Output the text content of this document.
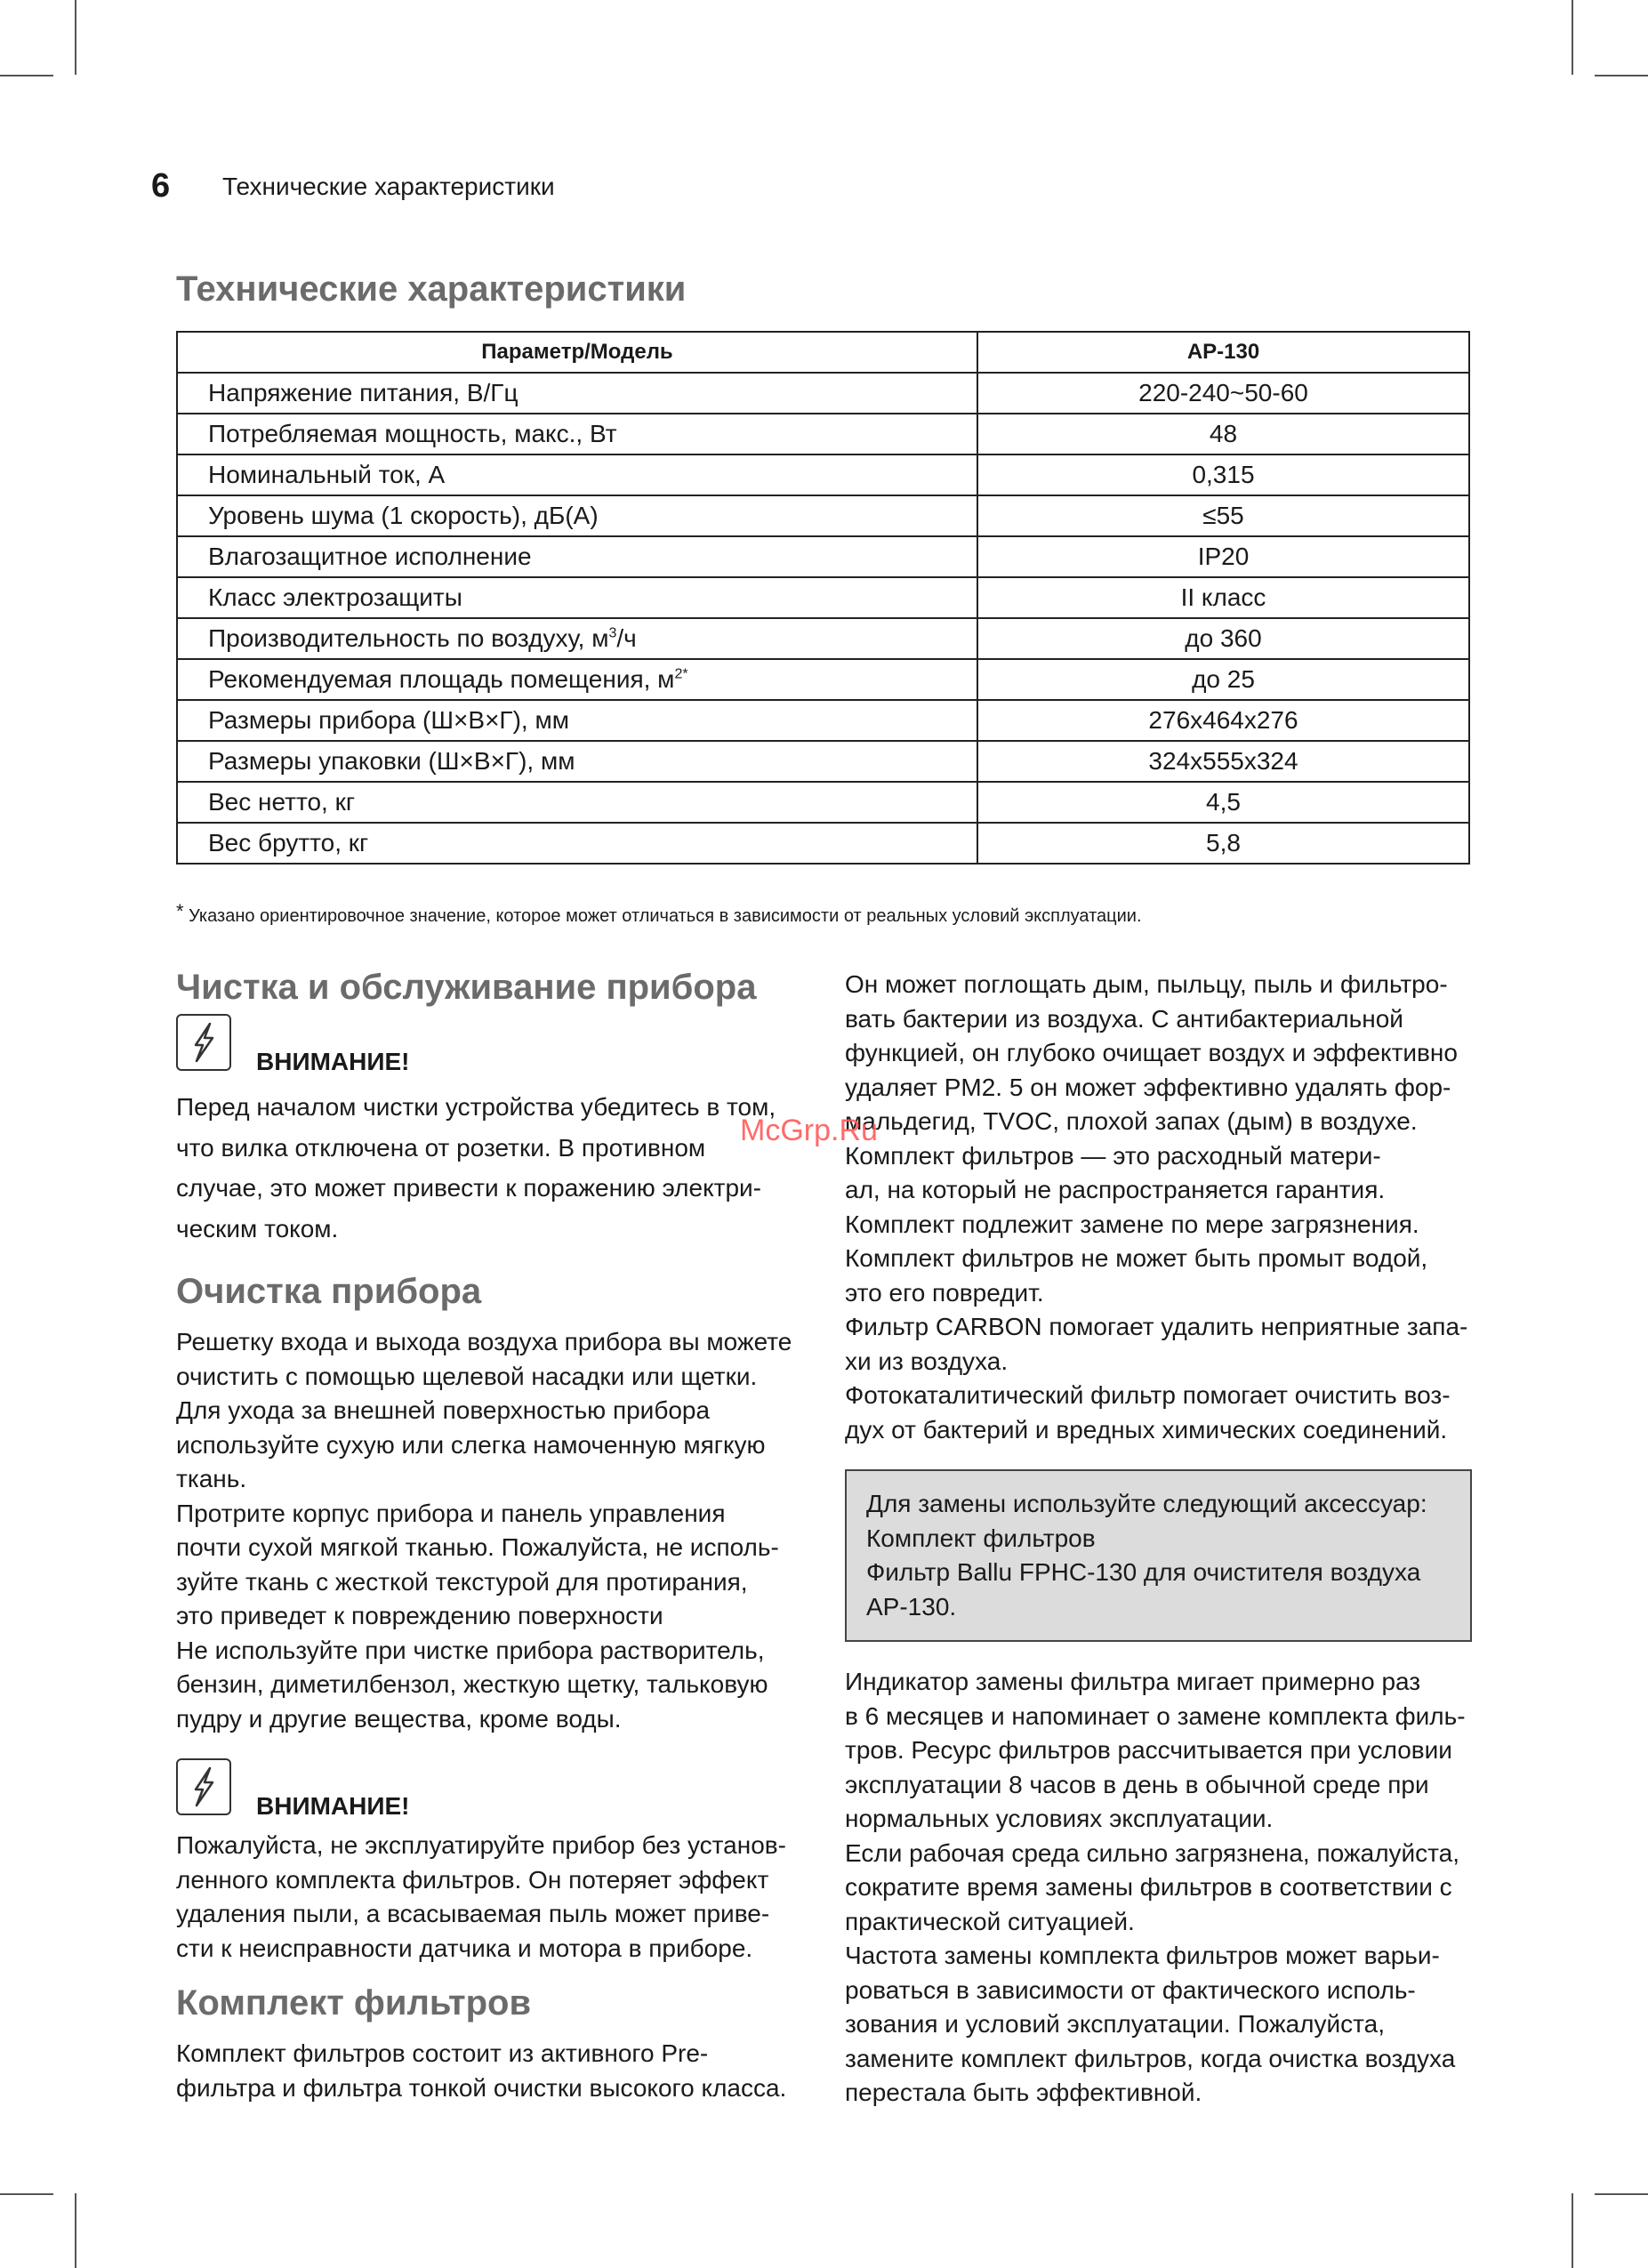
6 Технические характеристики
Технические характеристики
Параметр/Модель	AP-130
Напряжение питания, В/Гц	220-240~50-60
Потребляемая мощность, макс., Вт	48
Номинальный ток, А	0,315
Уровень шума (1 скорость), дБ(А)	≤55
Влагозащитное исполнение	IP20
Класс электрозащиты	II класс
Производительность по воздуху, $м^3/ч$	до 360
Рекомендуемая площадь помещения, $м^{2*}$	до 25
Размеры прибора (Ш×В×Г), мм	276x464x276
Размеры упаковки (Ш×В×Г), мм	324x555x324
Вес нетто, кг	4,5
Вес брутто, кг	5,8
* Указано ориентировочное значение, которое может отличаться в зависимости от реальных условий эксплуатации.
Чистка и обслуживание прибора
ВНИМАНИЕ!

Перед началом чистки устройства убедитесь в том,

что вилка отключена от розетки. В противном

случае, это может привести к поражению электри-

ческим током.

Очистка прибора

Решетку входа и выхода воздуха прибора вы можете

очистить с помощью щелевой насадки или щетки.

Для ухода за внешней поверхностью прибора

используйте сухую или слегка намоченную мягкую

ткань.

Протрите корпус прибора и панель управления

почти сухой мягкой тканью. Пожалуйста, не исполь-

зуйте ткань с жесткой текстурой для протирания,

это приведет к повреждению поверхности

Не используйте при чистке прибора растворитель,

бензин, диметилбензол, жесткую щетку, тальковую

пудру и другие вещества, кроме воды.

ВНИМАНИЕ!

Пожалуйста, не эксплуатируйте прибор без установ-

ленного комплекта фильтров. Он потеряет эффект

удаления пыли, а всасываемая пыль может приве-

сти к неисправности датчика и мотора в приборе.

Комплект фильтров

Комплект фильтров состоит из активного Pre-

фильтра и фильтра тонкой очистки высокого класса.

Он может поглощать дым, пыльцу, пыль и фильтро-

вать бактерии из воздуха. С антибактериальной

функцией, он глубоко очищает воздух и эффективно

удаляет PM2. 5 он может эффективно удалять фор-

мальдегид, TVOC, плохой запах (дым) в воздухе.

Комплект фильтров — это расходный матери-

ал, на который не распространяется гарантия.

Комплект подлежит замене по мере загрязнения.

Комплект фильтров не может быть промыт водой,

это его повредит.

Фильтр CARBON помогает удалить неприятные запа-

хи из воздуха.

Фотокаталитический фильтр помогает очистить воз-

дух от бактерий и вредных химических соединений.

Для замены используйте следующий аксессуар:

Комплект фильтров

Фильтр Ballu FPHC-130 для очистителя воздуха

AP-130.

Индикатор замены фильтра мигает примерно раз

в 6 месяцев и напоминает о замене комплекта филь-

тров. Ресурс фильтров рассчитывается при условии

эксплуатации 8 часов в день в обычной среде при

нормальных условиях эксплуатации.

Если рабочая среда сильно загрязнена, пожалуйста,

сократите время замены фильтров в соответствии с

практической ситуацией.

Частота замены комплекта фильтров может варьи-

роваться в зависимости от фактического исполь-

зования и условий эксплуатации. Пожалуйста,

замените комплект фильтров, когда очистка воздуха

перестала быть эффективной.

McGrp.Ru
